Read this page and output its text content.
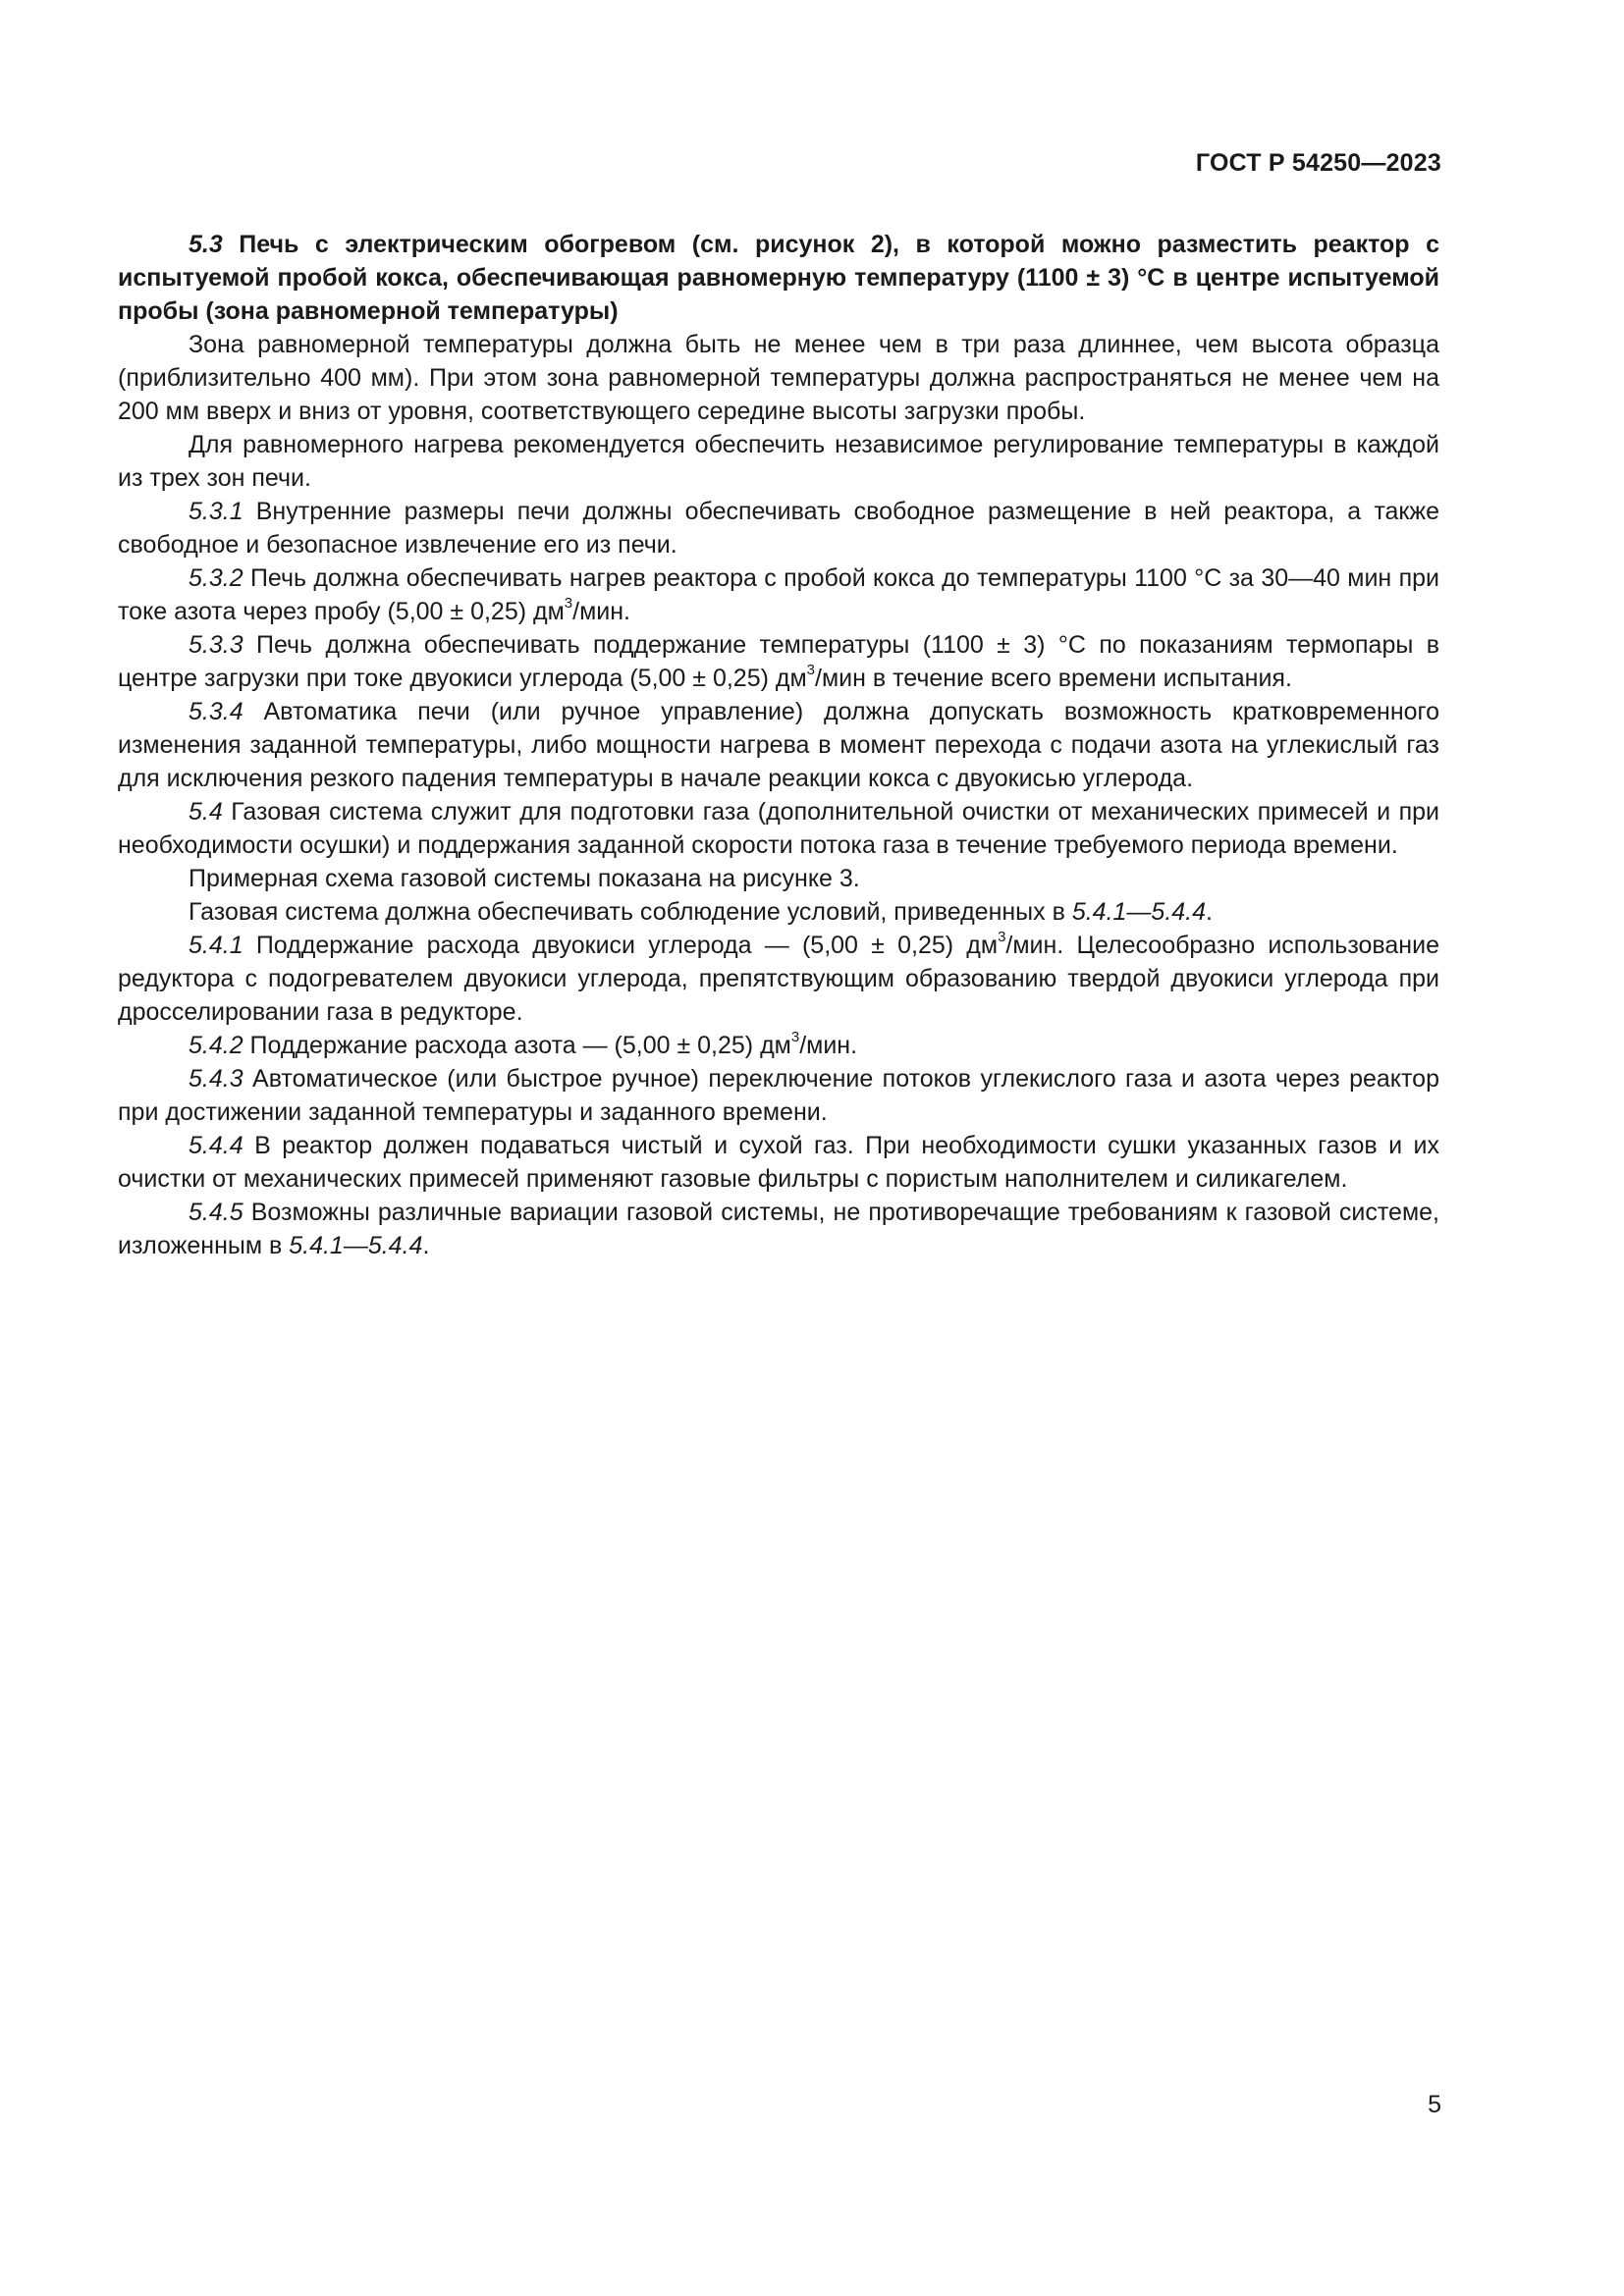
ГОСТ Р 54250—2023

5.3 Печь с электрическим обогревом (см. рисунок 2), в которой можно разместить реактор с испытуемой пробой кокса, обеспечивающая равномерную температуру (1100 ± 3) °С в центре испытуемой пробы (зона равномерной температуры)

Зона равномерной температуры должна быть не менее чем в три раза длиннее, чем высота образца (приблизительно 400 мм). При этом зона равномерной температуры должна распространяться не менее чем на 200 мм вверх и вниз от уровня, соответствующего середине высоты загрузки пробы.

Для равномерного нагрева рекомендуется обеспечить независимое регулирование температуры в каждой из трех зон печи.

5.3.1 Внутренние размеры печи должны обеспечивать свободное размещение в ней реактора, а также свободное и безопасное извлечение его из печи.

5.3.2 Печь должна обеспечивать нагрев реактора с пробой кокса до температуры 1100 °С за 30—40 мин при токе азота через пробу (5,00 ± 0,25) $дм^3$/мин.

5.3.3 Печь должна обеспечивать поддержание температуры (1100 ± 3) °С по показаниям термопары в центре загрузки при токе двуокиси углерода (5,00 ± 0,25) $дм^3$/мин в течение всего времени испытания.

5.3.4 Автоматика печи (или ручное управление) должна допускать возможность кратковременного изменения заданной температуры, либо мощности нагрева в момент перехода с подачи азота на углекислый газ для исключения резкого падения температуры в начале реакции кокса с двуокисью углерода.

5.4 Газовая система служит для подготовки газа (дополнительной очистки от механических примесей и при необходимости осушки) и поддержания заданной скорости потока газа в течение требуемого периода времени.

Примерная схема газовой системы показана на рисунке 3.

Газовая система должна обеспечивать соблюдение условий, приведенных в 5.4.1—5.4.4.

5.4.1 Поддержание расхода двуокиси углерода — (5,00 ± 0,25) $дм^3$/мин. Целесообразно использование редуктора с подогревателем двуокиси углерода, препятствующим образованию твердой двуокиси углерода при дросселировании газа в редукторе.

5.4.2 Поддержание расхода азота — (5,00 ± 0,25) $дм^3$/мин.

5.4.3 Автоматическое (или быстрое ручное) переключение потоков углекислого газа и азота через реактор при достижении заданной температуры и заданного времени.

5.4.4 В реактор должен подаваться чистый и сухой газ. При необходимости сушки указанных газов и их очистки от механических примесей применяют газовые фильтры с пористым наполнителем и силикагелем.

5.4.5 Возможны различные вариации газовой системы, не противоречащие требованиям к газовой системе, изложенным в 5.4.1—5.4.4.

5
